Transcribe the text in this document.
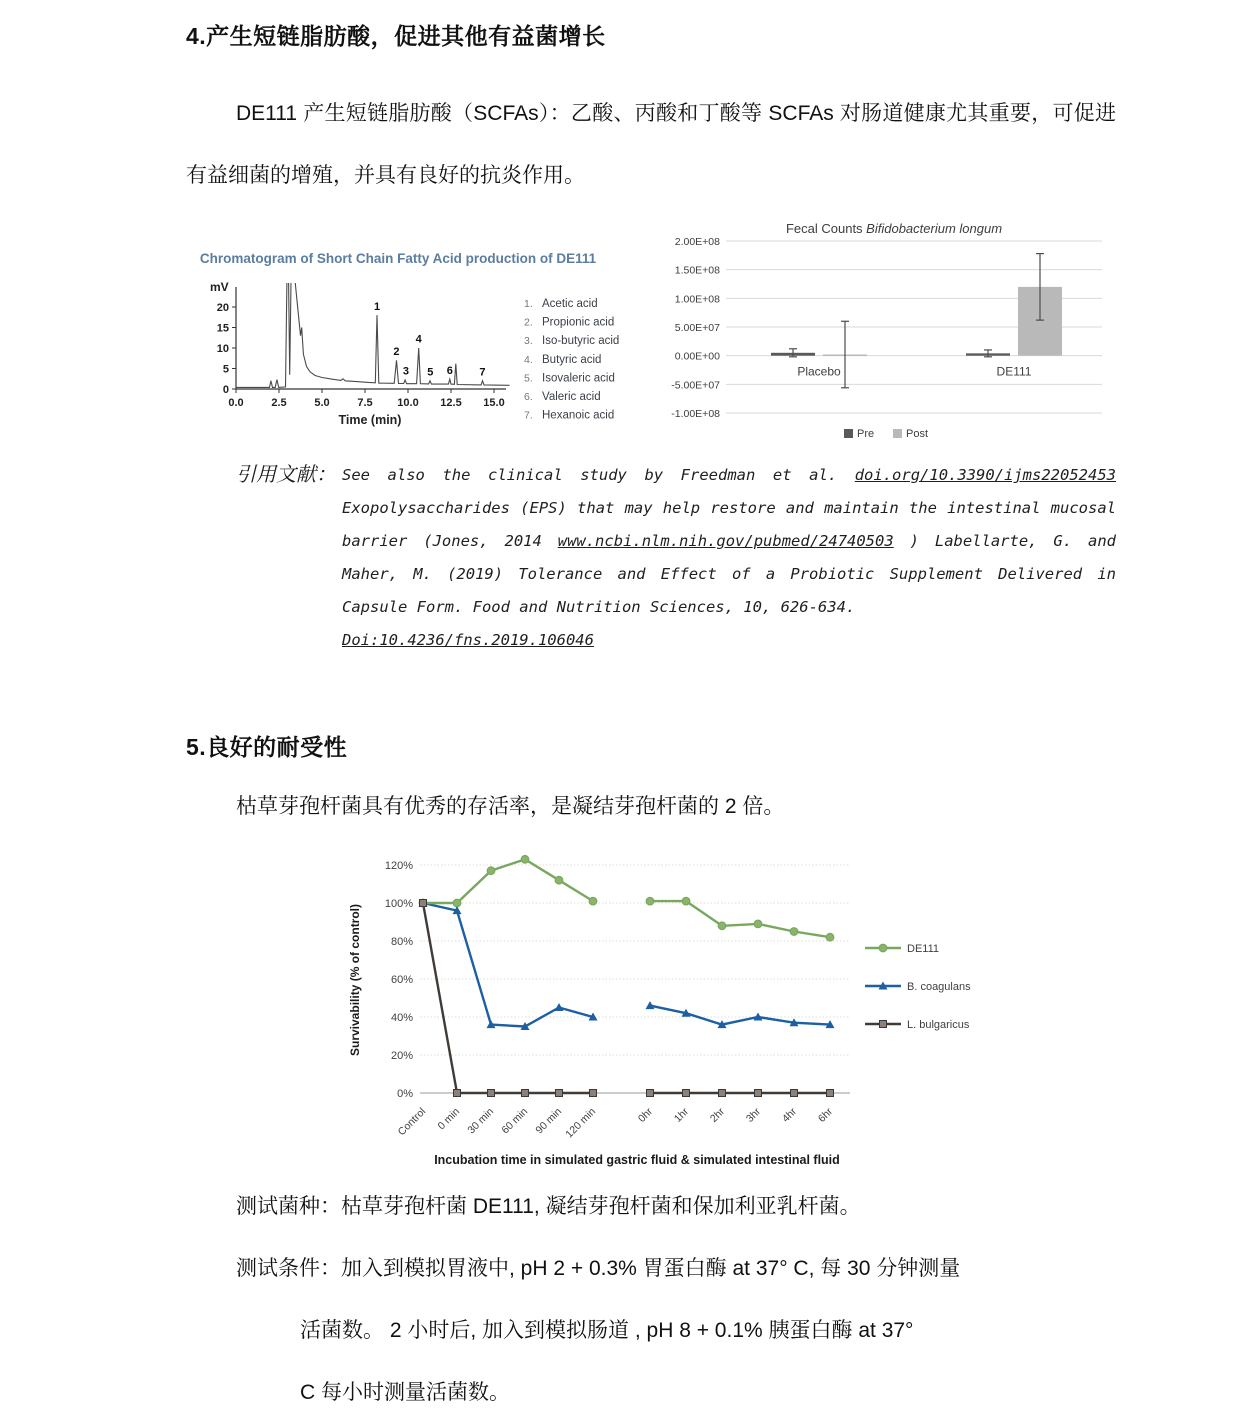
4.产生短链脂肪酸，促进其他有益菌增长

DE111 产生短链脂肪酸（SCFAs）：乙酸、丙酸和丁酸等 SCFAs 对肠道健康尤其重要，可促进有益细菌的增殖，并具有良好的抗炎作用。

Chromatogram of Short Chain Fatty Acid production of DE111
0
5
10
15
20
0.0	2.5	5.0	7.5 10.0 12.5 15.0
mV
Time (min)
1
2
3
4
5 6 7
1. Acetic acid
2. Propionic acid
3. Iso-butyric acid
4. Butyric acid
5. Isovaleric acid
6. Valeric acid
7. Hexanoic acid
Fecal Counts Bifidobacterium longum
2.00E+08
1.50E+08
1.00E+08
5.00E+07
0.00E+00
-5.00E+07
-1.00E+08
Placebo	DE111
Pre	Post
引用文献： See also the clinical study by Freedman et al. doi.org/10.3390/ijms22052453 Exopolysaccharides (EPS) that may help restore and maintain the intestinal mucosal barrier (Jones, 2014 www.ncbi.nlm.nih.gov/pubmed/24740503 ) Labellarte, G. and Maher, M. (2019) Tolerance and Effect of a Probiotic Supplement Delivered in Capsule Form. Food and Nutrition Sciences, 10, 626-634.
Doi:10.4236/fns.2019.106046
5.良好的耐受性

枯草芽孢杆菌具有优秀的存活率，是凝结芽孢杆菌的 2 倍。

0%
20%
40%
60%
80%
100%
120%
Survivability (% of control)
Control 0 min 30 min 60 min 90 min 120 min	0hr 1hr 2hr 3hr 4hr 6hr
Incubation time in simulated gastric fluid & simulated intestinal fluid
DE111
B. coagulans
L. bulgaricus
测试菌种：枯草芽孢杆菌 DE111, 凝结芽孢杆菌和保加利亚乳杆菌。
测试条件：加入到模拟胃液中, pH 2 + 0.3% 胃蛋白酶 at 37° C, 每 30 分钟测量
活菌数。 2 小时后, 加入到模拟肠道 , pH 8 + 0.1% 胰蛋白酶 at 37°
C 每小时测量活菌数。
